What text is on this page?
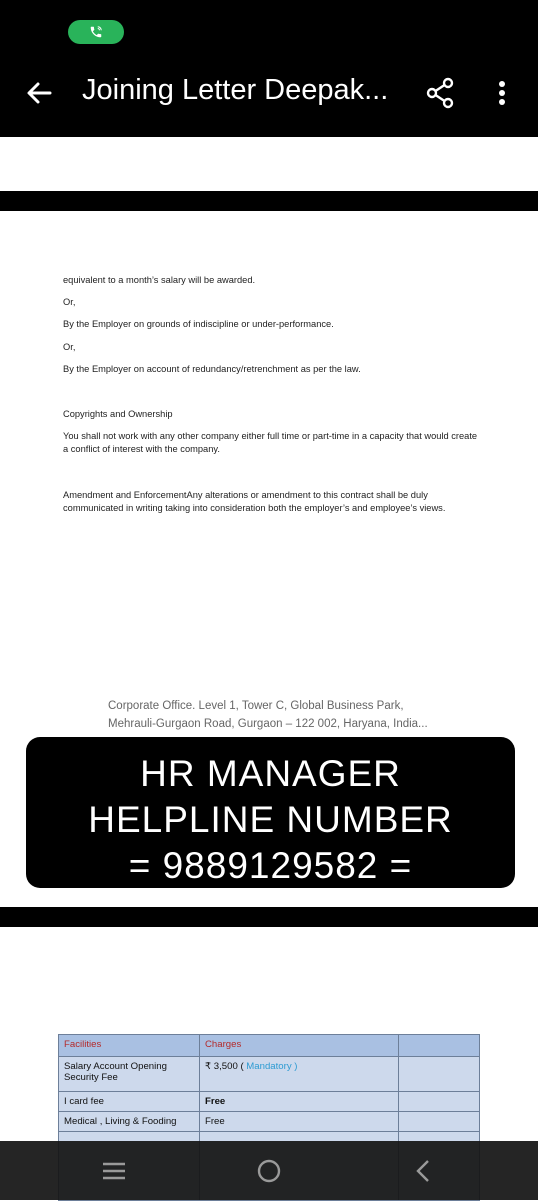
Joining Letter Deepak...
equivalent to a month’s salary will be awarded.
Or,
By the Employer on grounds of indiscipline or under-performance.
Or,
By the Employer on account of redundancy/retrenchment as per the law.
Copyrights and Ownership
You shall not work with any other company either full time or part-time in a capacity that would create a conflict of interest with the company.
Amendment and EnforcementAny alterations or amendment to this contract shall be duly communicated in writing taking into consideration both the employer’s and employee’s views.
Corporate Office. Level 1, Tower C, Global Business Park,
Mehrauli-Gurgaon Road, Gurgaon – 122 002, Haryana, India...
HR MANAGER
HELPLINE NUMBER
= 9889129582 =
Facilities	Charges	
Salary Account Opening Security Fee	₹ 3,500 ( Mandatory )	
I card fee	Free	
Medical , Living & Fooding	Free	
